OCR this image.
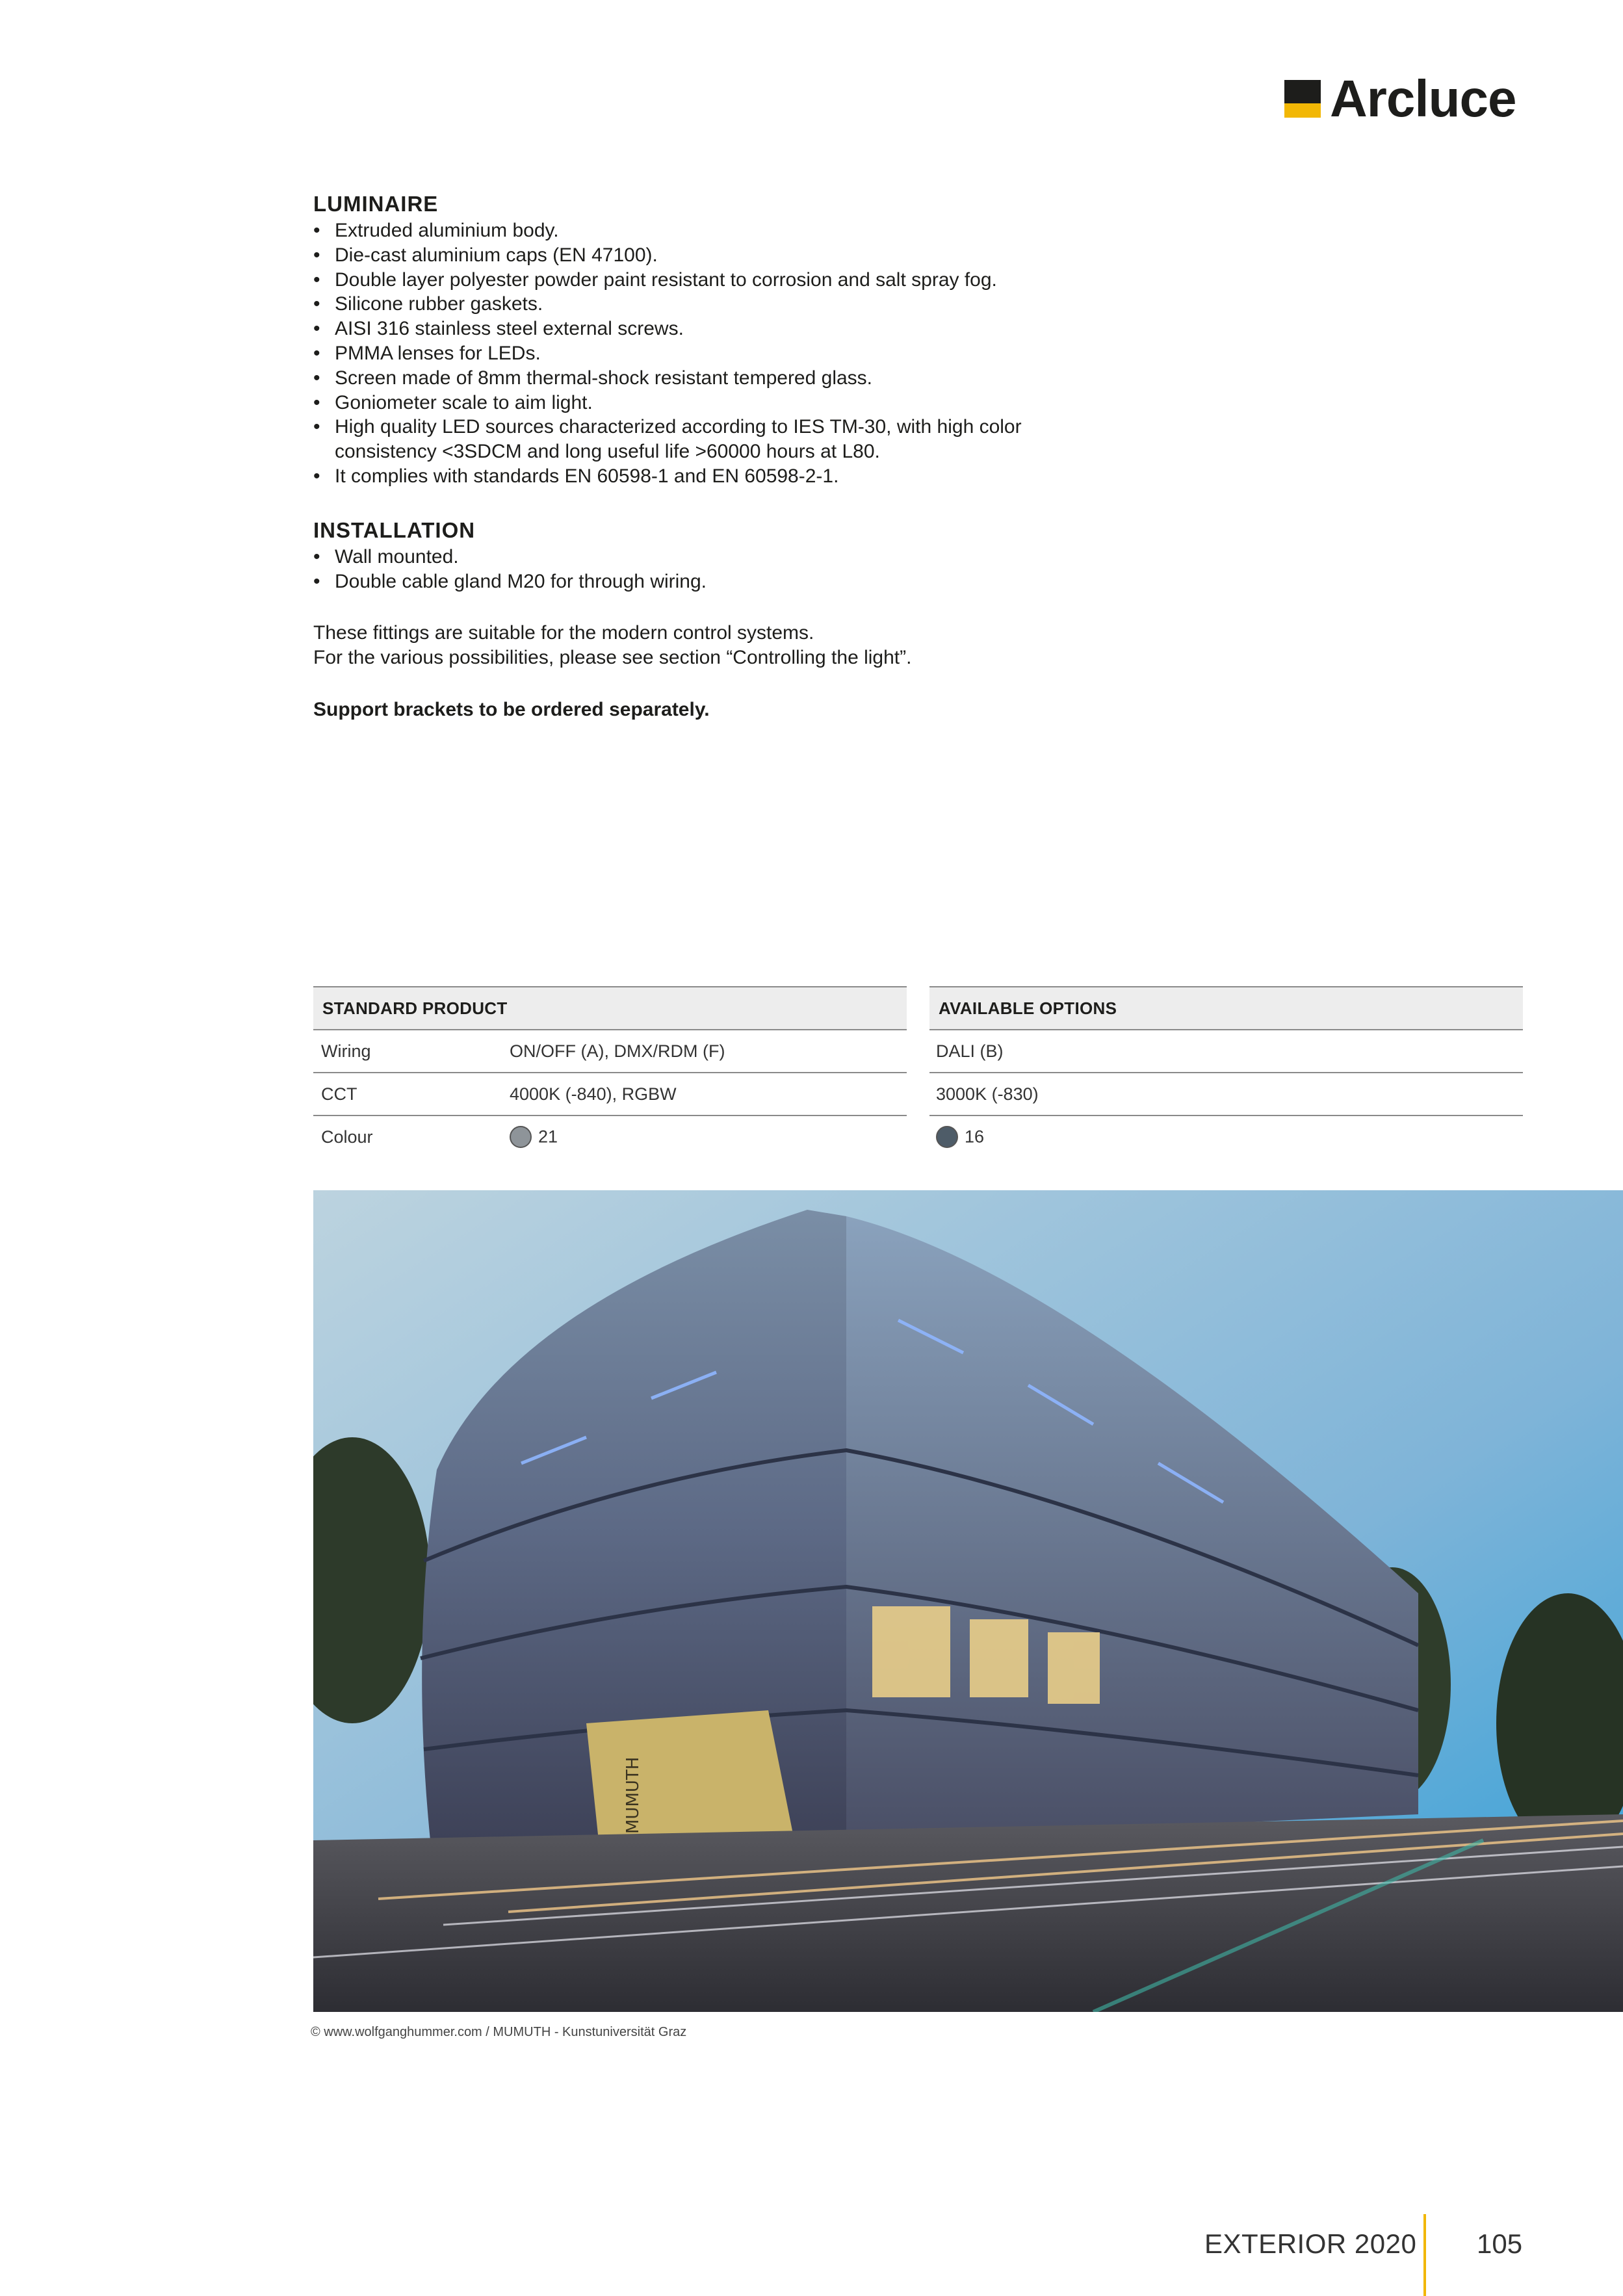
Arcluce
LUMINAIRE
• Extruded aluminium body.
• Die-cast aluminium caps (EN 47100).
• Double layer polyester powder paint resistant to corrosion and salt spray fog.
• Silicone rubber gaskets.
• AISI 316 stainless steel external screws.
• PMMA lenses for LEDs.
• Screen made of 8mm thermal-shock resistant tempered glass.
• Goniometer scale to aim light.
• High quality LED sources characterized according to IES TM-30, with high color consistency <3SDCM and long useful life >60000 hours at L80.
• It complies with standards EN 60598-1 and EN 60598-2-1.
INSTALLATION
• Wall mounted.
• Double cable gland M20 for through wiring.

These fittings are suitable for the modern control systems.

For the various possibilities, please see section “Controlling the light”.

Support brackets to be ordered separately.

STANDARD PRODUCT
Wiring	ON/OFF (A), DMX/RDM (F)
CCT	4000K (-840), RGBW
Colour	21
AVAILABLE OPTIONS
DALI (B)
3000K (-830)
16
MUMUTH
© www.wolfganghummer.com / MUMUTH - Kunstuniversität Graz
EXTERIOR 2020 105
